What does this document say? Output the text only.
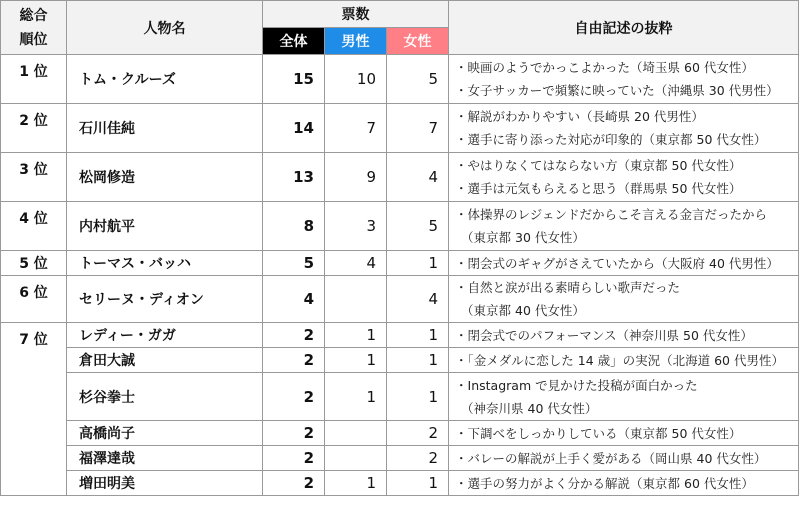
総合
順位	人物名	票数			自由記述の抜粋
		全体	男性	女性	
1 位	トム・クルーズ	15	10	5	・映画のようでかっこよかった（埼玉県 60 代女性）
・女子サッカーで頻繁に映っていた（沖縄県 30 代男性）

2 位	石川佳純	14	7	7	・解説がわかりやすい（長崎県 20 代男性）
・選手に寄り添った対応が印象的（東京都 50 代女性）

3 位	松岡修造	13	9	4	・やはりなくてはならない方（東京都 50 代女性）
・選手は元気もらえると思う（群馬県 50 代女性）

4 位	内村航平	8	3	5	・体操界のレジェンドだからこそ言える金言だったから
（東京都 30 代女性）

5 位	トーマス・バッハ	5	4	1	・閉会式のギャグがさえていたから（大阪府 40 代男性）

6 位	セリーヌ・ディオン	4		4	・自然と涙が出る素晴らしい歌声だった
（東京都 40 代女性）

7 位	レディー・ガガ	2	1	1	・閉会式でのパフォーマンス（神奈川県 50 代女性）

	倉田大誠	2	1	1	・「金メダルに恋した 14 歳」の実況（北海道 60 代男性）

	杉谷拳士	2	1	1	・Instagram で見かけた投稿が面白かった
（神奈川県 40 代女性）

	高橋尚子	2		2	・下調べをしっかりしている（東京都 50 代女性）

	福澤達哉	2		2	・バレーの解説が上手く愛がある（岡山県 40 代女性）

	増田明美	2	1	1	・選手の努力がよく分かる解説（東京都 60 代女性）
